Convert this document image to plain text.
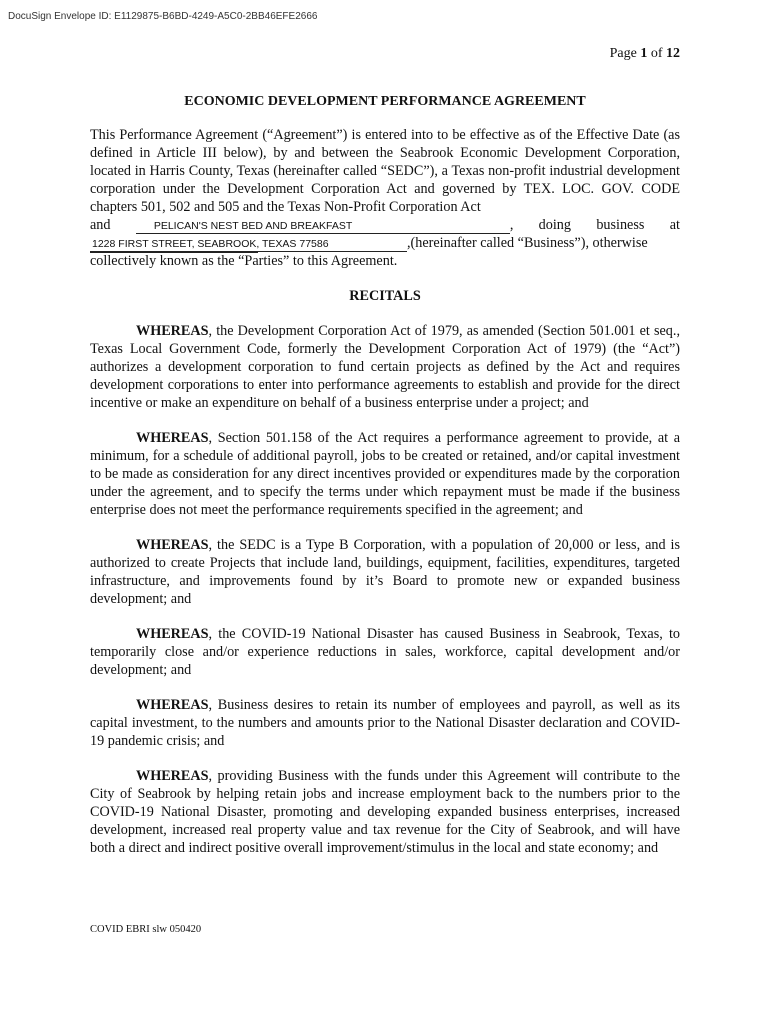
DocuSign Envelope ID: E1129875-B6BD-4249-A5C0-2BB46EFE2666
Page 1 of 12
ECONOMIC DEVELOPMENT PERFORMANCE AGREEMENT

This Performance Agreement (“Agreement”) is entered into to be effective as of the Effective Date (as defined in Article III below), by and between the Seabrook Economic Development Corporation, located in Harris County, Texas (hereinafter called “SEDC”), a Texas non-profit industrial development corporation under the Development Corporation Act and governed by TEX. LOC. GOV. CODE chapters 501, 502 and 505 and the Texas Non-Profit Corporation Act

and	PELICAN'S NEST BED AND BREAKFAST	, doing business at
1228 FIRST STREET, SEABROOK, TEXAS 77586	,(hereinafter called “Business”), otherwise

collectively known as the “Parties” to this Agreement.

RECITALS

WHEREAS, the Development Corporation Act of 1979, as amended (Section 501.001 et seq., Texas Local Government Code, formerly the Development Corporation Act of 1979) (the “Act”) authorizes a development corporation to fund certain projects as defined by the Act and requires development corporations to enter into performance agreements to establish and provide for the direct incentive or make an expenditure on behalf of a business enterprise under a project; and

WHEREAS, Section 501.158 of the Act requires a performance agreement to provide, at a minimum, for a schedule of additional payroll, jobs to be created or retained, and/or capital investment to be made as consideration for any direct incentives provided or expenditures made by the corporation under the agreement, and to specify the terms under which repayment must be made if the business enterprise does not meet the performance requirements specified in the agreement; and

WHEREAS, the SEDC is a Type B Corporation, with a population of 20,000 or less, and is authorized to create Projects that include land, buildings, equipment, facilities, expenditures, targeted infrastructure, and improvements found by it’s Board to promote new or expanded business development; and

WHEREAS, the COVID-19 National Disaster has caused Business in Seabrook, Texas, to temporarily close and/or experience reductions in sales, workforce, capital development and/or development; and

WHEREAS, Business desires to retain its number of employees and payroll, as well as its capital investment, to the numbers and amounts prior to the National Disaster declaration and COVID-19 pandemic crisis; and

WHEREAS, providing Business with the funds under this Agreement will contribute to the City of Seabrook by helping retain jobs and increase employment back to the numbers prior to the COVID-19 National Disaster, promoting and developing expanded business enterprises, increased development, increased real property value and tax revenue for the City of Seabrook, and will have both a direct and indirect positive overall improvement/stimulus in the local and state economy; and

COVID EBRI slw 050420
